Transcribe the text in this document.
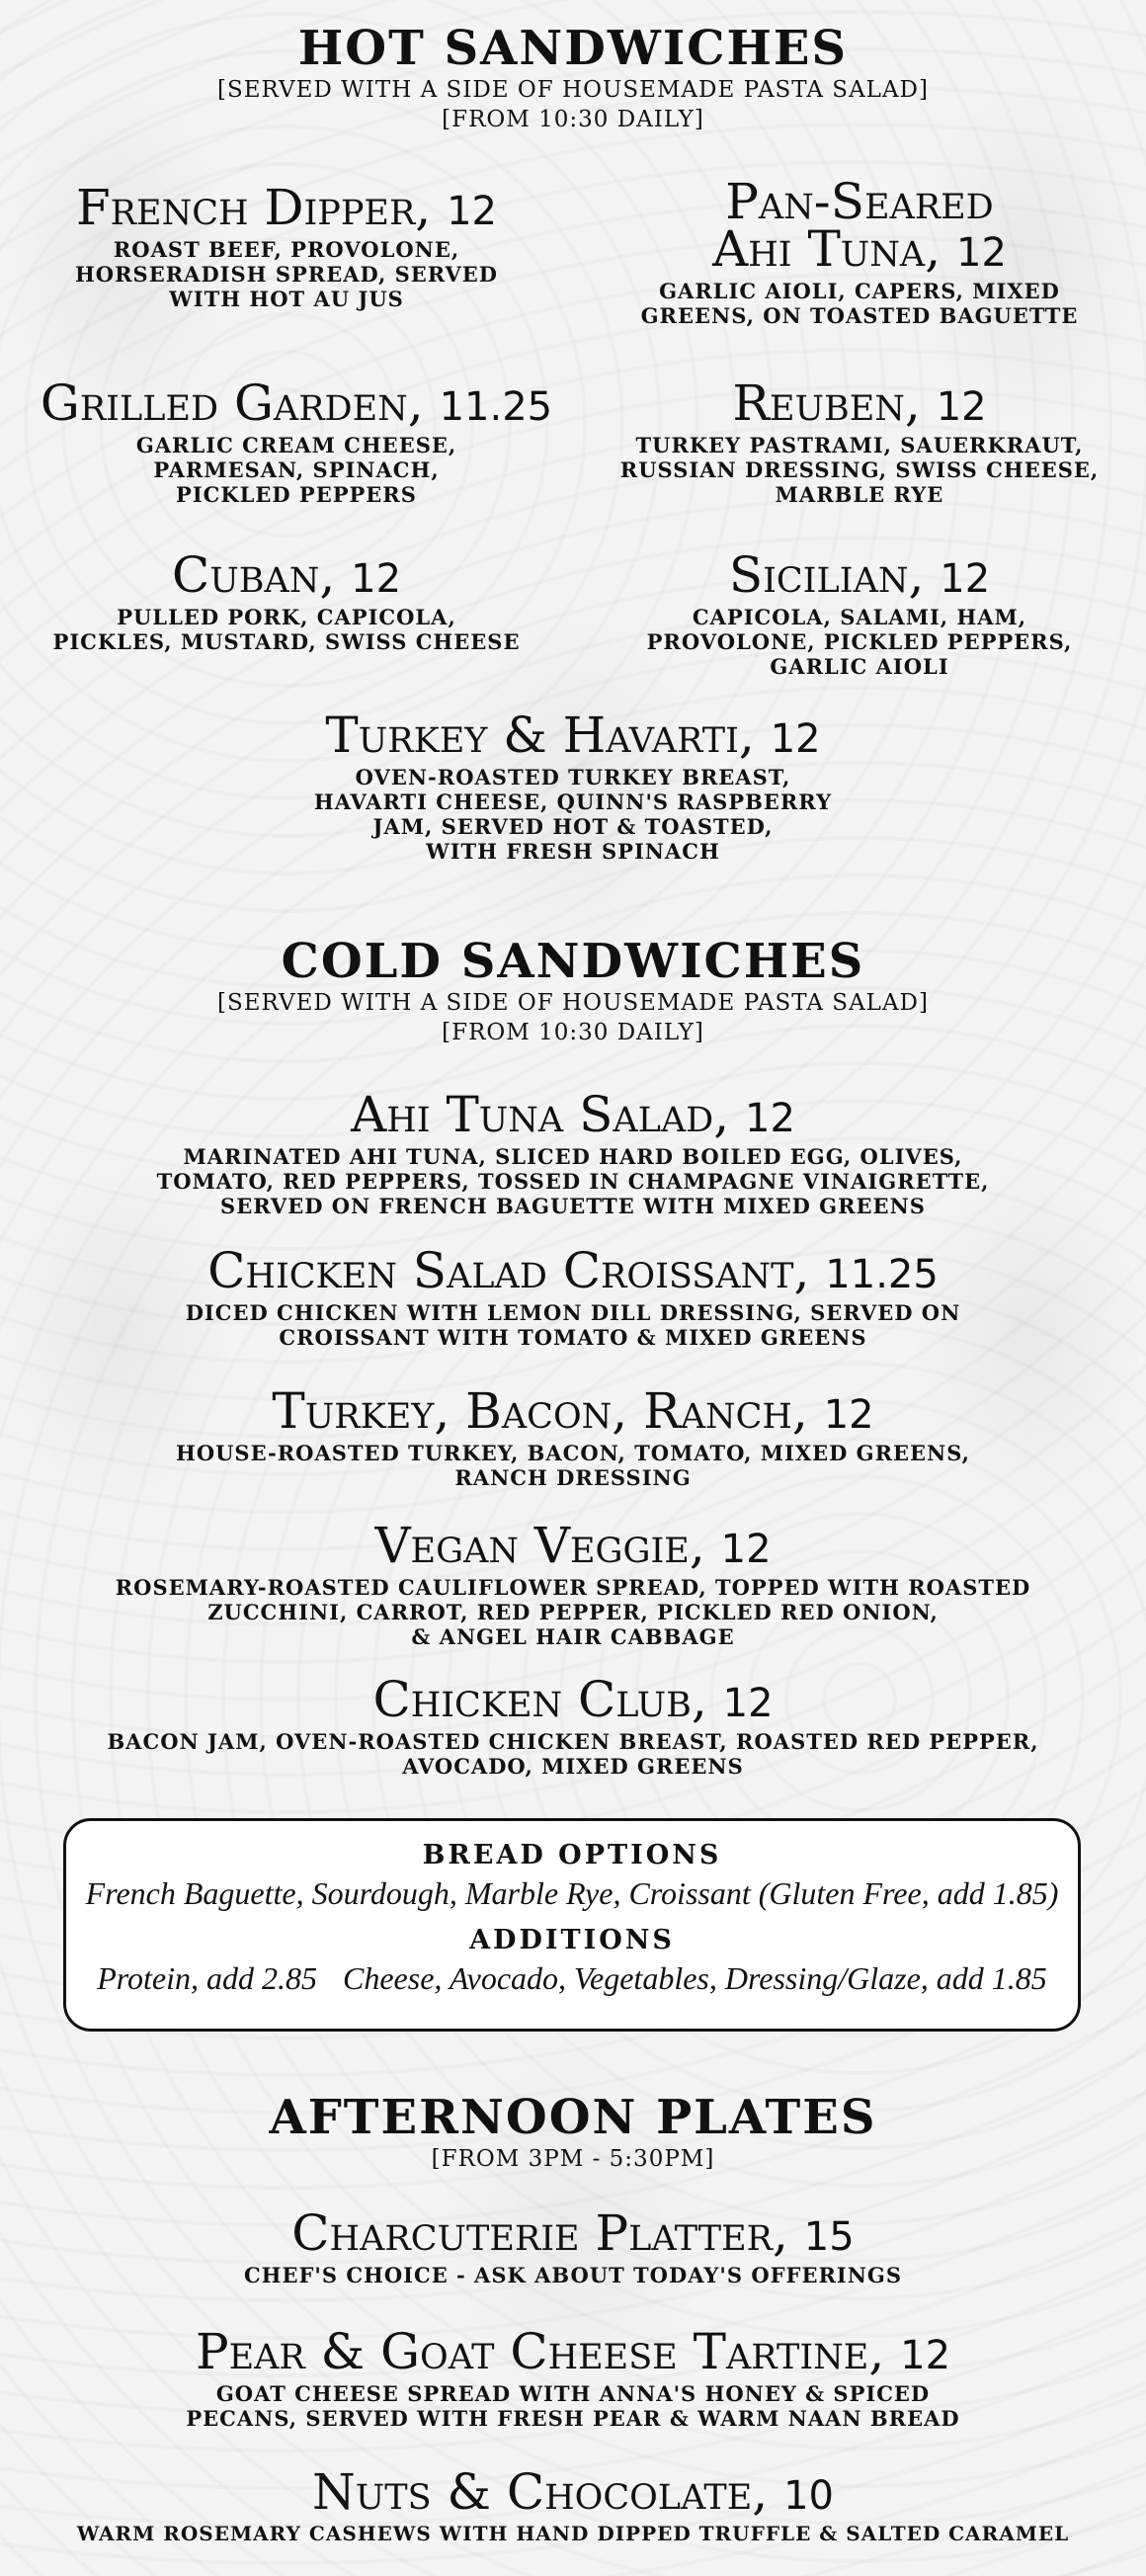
HOT SANDWICHES
[SERVED WITH A SIDE OF HOUSEMADE PASTA SALAD]
[FROM 10:30 DAILY]
French Dipper, 12
ROAST BEEF, PROVOLONE,
HORSERADISH SPREAD, SERVED
WITH HOT AU JUS
Pan-Seared
Ahi Tuna, 12
GARLIC AIOLI, CAPERS, MIXED
GREENS, ON TOASTED BAGUETTE
Grilled Garden, 11.25
GARLIC CREAM CHEESE,
PARMESAN, SPINACH,
PICKLED PEPPERS
Reuben, 12
TURKEY PASTRAMI, SAUERKRAUT,
RUSSIAN DRESSING, SWISS CHEESE,
MARBLE RYE
Cuban, 12
PULLED PORK, CAPICOLA,
PICKLES, MUSTARD, SWISS CHEESE
Sicilian, 12
CAPICOLA, SALAMI, HAM,
PROVOLONE, PICKLED PEPPERS,
GARLIC AIOLI
Turkey & Havarti, 12
OVEN-ROASTED TURKEY BREAST,
HAVARTI CHEESE, QUINN'S RASPBERRY
JAM, SERVED HOT & TOASTED,
WITH FRESH SPINACH
COLD SANDWICHES
[SERVED WITH A SIDE OF HOUSEMADE PASTA SALAD]
[FROM 10:30 DAILY]
Ahi Tuna Salad, 12
MARINATED AHI TUNA, SLICED HARD BOILED EGG, OLIVES,
TOMATO, RED PEPPERS, TOSSED IN CHAMPAGNE VINAIGRETTE,
SERVED ON FRENCH BAGUETTE WITH MIXED GREENS
Chicken Salad Croissant, 11.25
DICED CHICKEN WITH LEMON DILL DRESSING, SERVED ON
CROISSANT WITH TOMATO & MIXED GREENS
Turkey, Bacon, Ranch, 12
HOUSE-ROASTED TURKEY, BACON, TOMATO, MIXED GREENS,
RANCH DRESSING
Vegan Veggie, 12
ROSEMARY-ROASTED CAULIFLOWER SPREAD, TOPPED WITH ROASTED
ZUCCHINI, CARROT, RED PEPPER, PICKLED RED ONION,
& ANGEL HAIR CABBAGE
Chicken Club, 12
BACON JAM, OVEN-ROASTED CHICKEN BREAST, ROASTED RED PEPPER,
AVOCADO, MIXED GREENS
BREAD OPTIONS
French Baguette, Sourdough, Marble Rye, Croissant (Gluten Free, add 1.85)
ADDITIONS
Protein, add 2.85 Cheese, Avocado, Vegetables, Dressing/Glaze, add 1.85
AFTERNOON PLATES
[FROM 3PM - 5:30PM]
Charcuterie Platter, 15
CHEF'S CHOICE - ASK ABOUT TODAY'S OFFERINGS
Pear & Goat Cheese Tartine, 12
GOAT CHEESE SPREAD WITH ANNA'S HONEY & SPICED
PECANS, SERVED WITH FRESH PEAR & WARM NAAN BREAD
Nuts & Chocolate, 10
WARM ROSEMARY CASHEWS WITH HAND DIPPED TRUFFLE & SALTED CARAMEL
